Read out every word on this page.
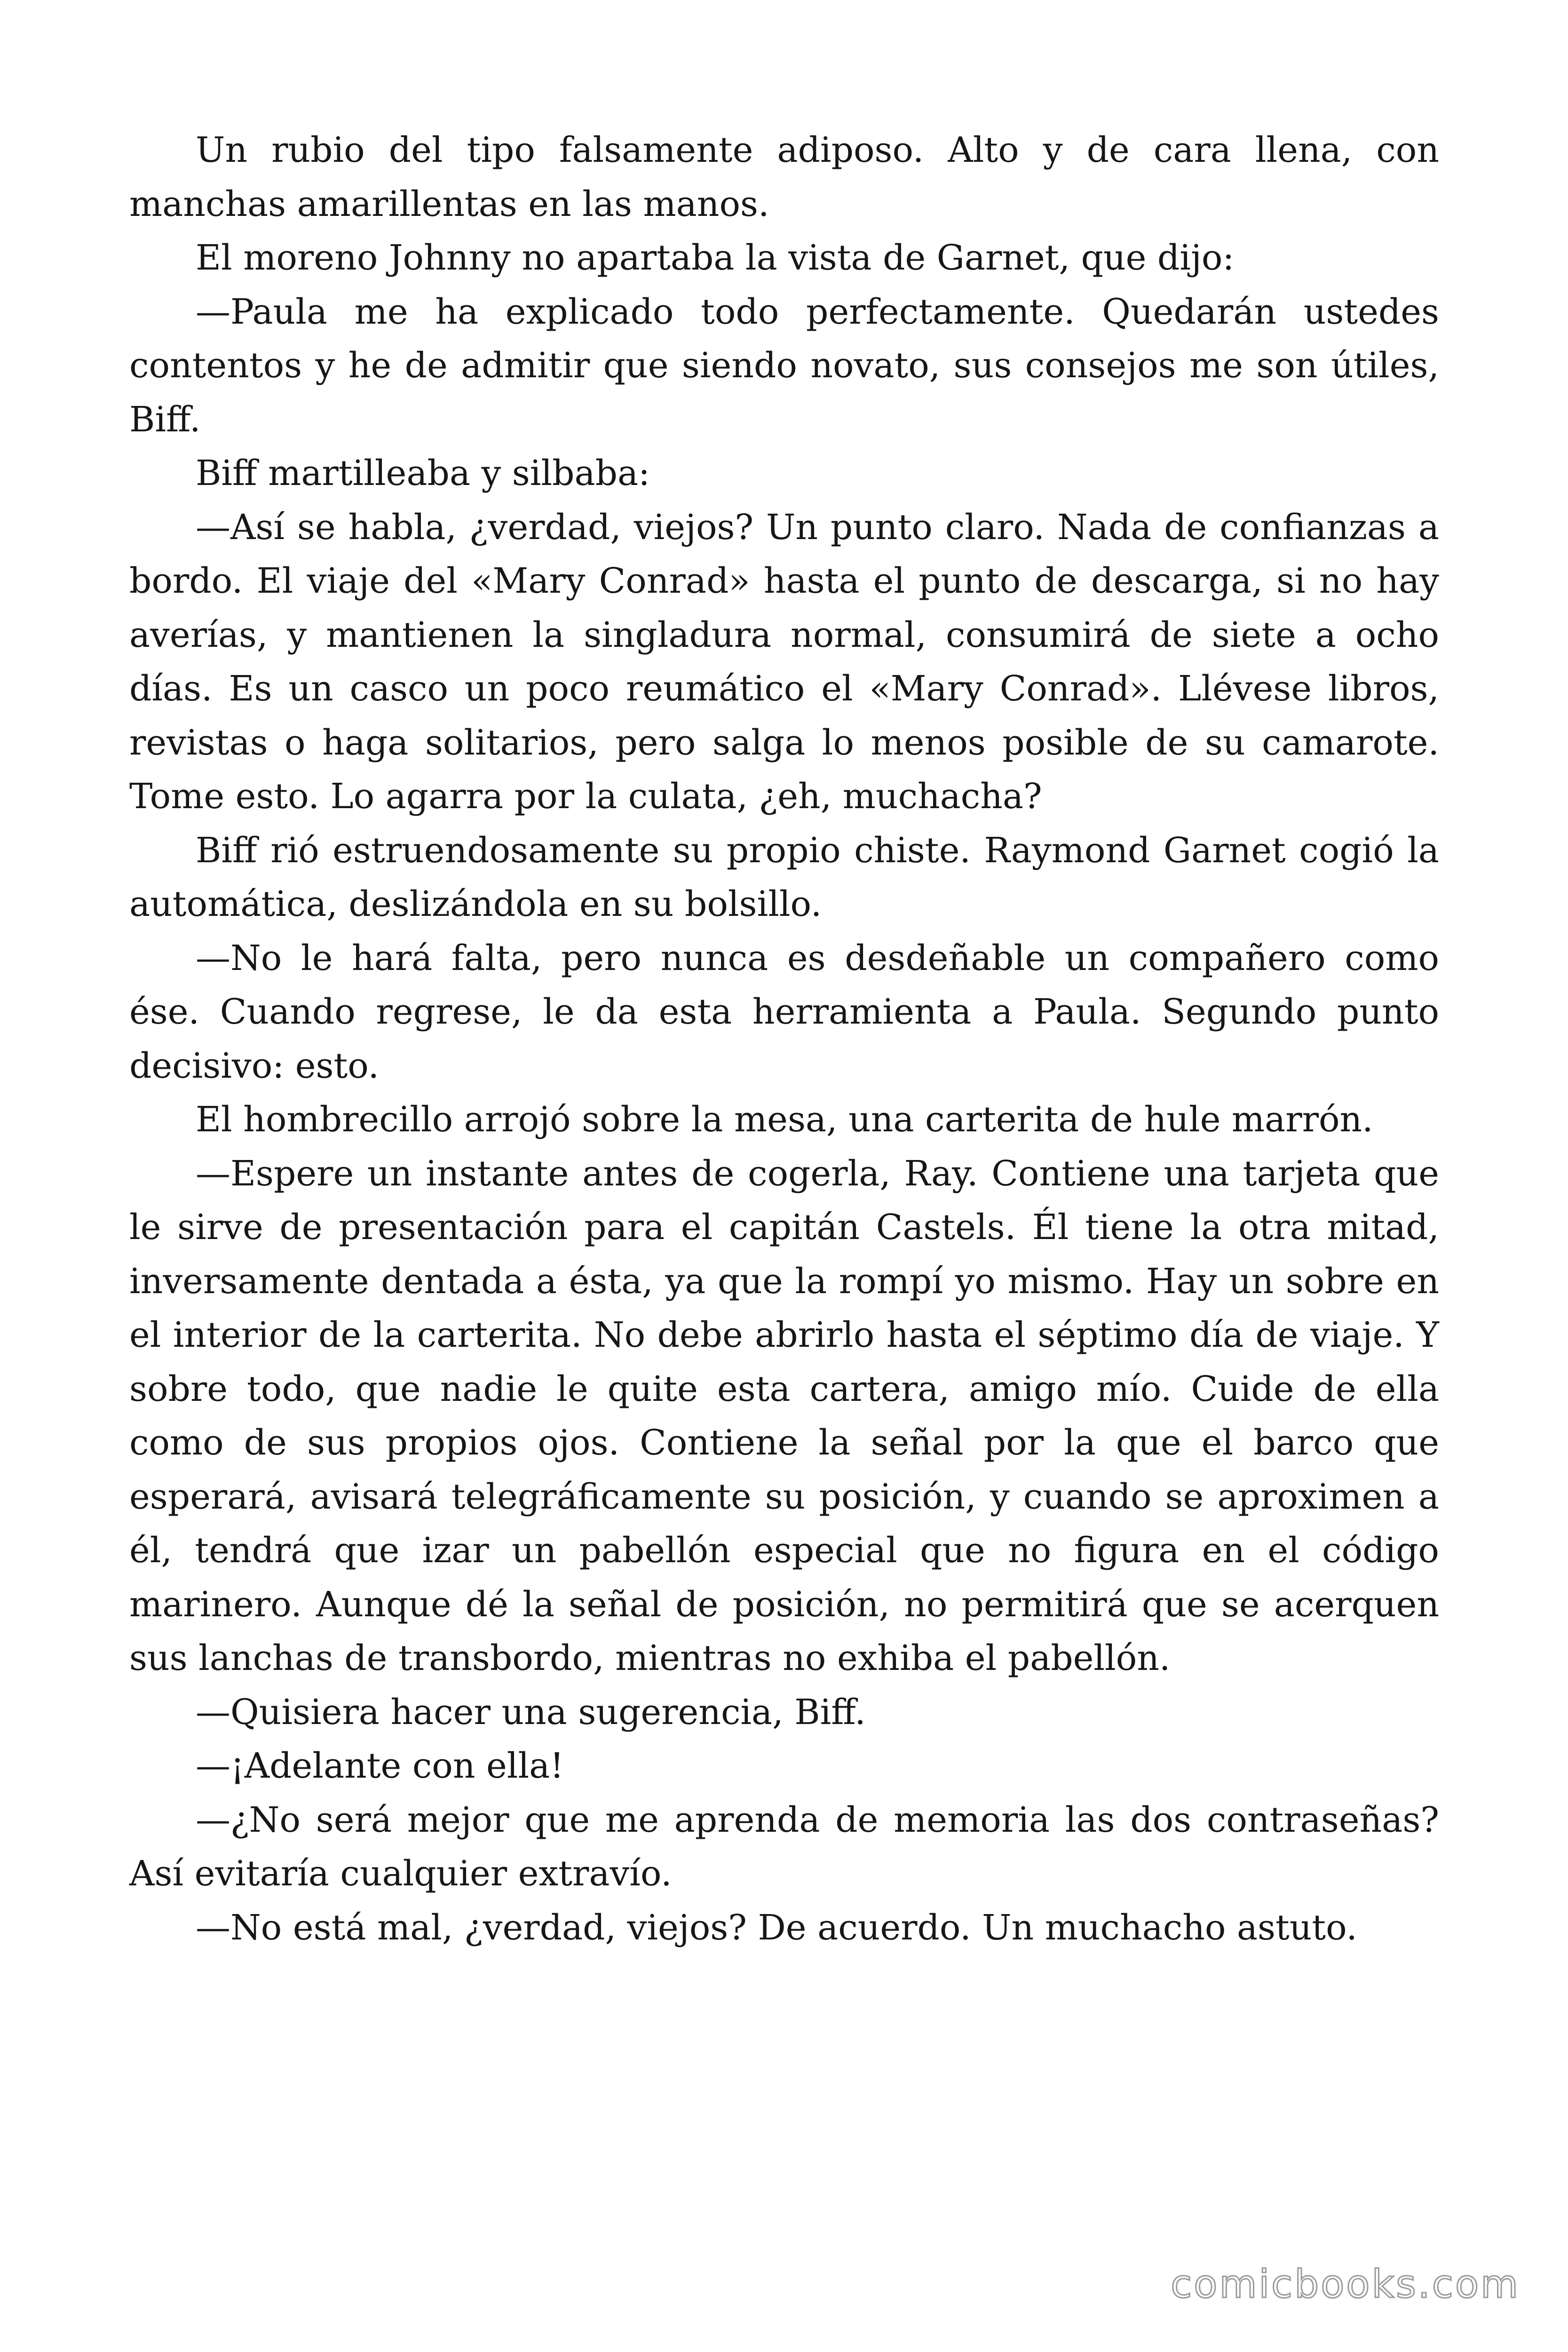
Un rubio del tipo falsamente adiposo. Alto y de cara llena, con manchas amarillentas en las manos.

El moreno Johnny no apartaba la vista de Garnet, que dijo:

—Paula me ha explicado todo perfectamente. Quedarán ustedes contentos y he de admitir que siendo novato, sus consejos me son útiles, Biff.

Biff martilleaba y silbaba:

—Así se habla, ¿verdad, viejos? Un punto claro. Nada de confianzas a bordo. El viaje del «Mary Conrad» hasta el punto de descarga, si no hay averías, y mantienen la singladura normal, consumirá de siete a ocho días. Es un casco un poco reumático el «Mary Conrad». Llévese libros, revistas o haga solitarios, pero salga lo menos posible de su camarote. Tome esto. Lo agarra por la culata, ¿eh, muchacha?

Biff rió estruendosamente su propio chiste. Raymond Garnet cogió la automática, deslizándola en su bolsillo.

—No le hará falta, pero nunca es desdeñable un compañero como ése. Cuando regrese, le da esta herramienta a Paula. Segundo punto decisivo: esto.

El hombrecillo arrojó sobre la mesa, una carterita de hule marrón.

—Espere un instante antes de cogerla, Ray. Contiene una tarjeta que le sirve de presentación para el capitán Castels. Él tiene la otra mitad, inversamente dentada a ésta, ya que la rompí yo mismo. Hay un sobre en el interior de la carterita. No debe abrirlo hasta el séptimo día de viaje. Y sobre todo, que nadie le quite esta cartera, amigo mío. Cuide de ella como de sus propios ojos. Contiene la señal por la que el barco que esperará, avisará telegráficamente su posición, y cuando se aproximen a él, tendrá que izar un pabellón especial que no figura en el código marinero. Aunque dé la señal de posición, no permitirá que se acerquen sus lanchas de transbordo, mientras no exhiba el pabellón.

—Quisiera hacer una sugerencia, Biff.

—¡Adelante con ella!

—¿No será mejor que me aprenda de memoria las dos contraseñas? Así evitaría cualquier extravío.

—No está mal, ¿verdad, viejos? De acuerdo. Un muchacho astuto.

comicbooks.com
